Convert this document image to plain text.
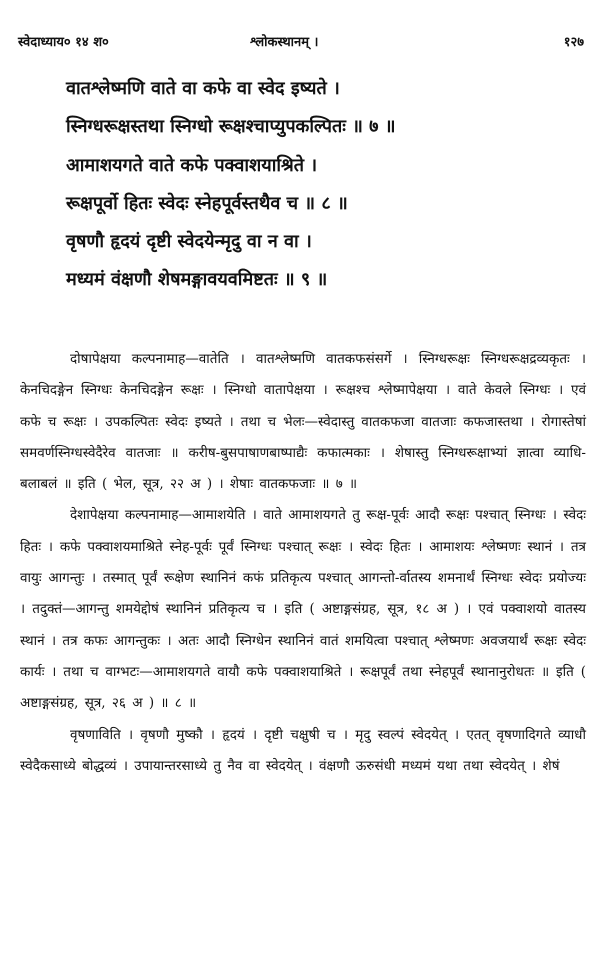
स्वेदाध्याय० १४ श०	श्लोकस्थानम् ।	१२७
वातश्लेष्मणि वाते वा कफे वा स्वेद इष्यते ।
स्निग्धरूक्षस्तथा स्निग्धो रूक्षश्चाप्युपकल्पितः ॥ ७ ॥
आमाशयगते वाते कफे पक्वाशयाश्रिते ।
रूक्षपूर्वो हितः स्वेदः स्नेहपूर्वस्तथैव च ॥ ८ ॥
वृषणौ हृदयं दृष्टी स्वेदयेन्मृदु वा न वा ।
मध्यमं वंक्षणौ शेषमङ्गावयवमिष्टतः ॥ ९ ॥

दोषापेक्षया कल्पनामाह—वातेति । वातश्लेष्मणि वातकफसंसर्गे । स्निग्धरूक्षः स्निग्धरूक्षद्रव्यकृतः । केनचिदङ्गेन स्निग्धः केनचिदङ्गेन रूक्षः । स्निग्धो वातापेक्षया । रूक्षश्च श्लेष्मापेक्षया । वाते केवले स्निग्धः । एवं कफे च रूक्षः । उपकल्पितः स्वेदः इष्यते । तथा च भेलः—स्वेदास्तु वातकफजा वातजाः कफजास्तथा । रोगास्तेषां समवर्णस्निग्धस्वेदैरेव वातजाः ॥ करीष-बुसपाषाणबाष्पाद्यैः कफात्मकाः । शेषास्तु स्निग्धरूक्षाभ्यां ज्ञात्वा व्याधि-बलाबलं ॥ इति ( भेल, सूत्र, २२ अ ) । शेषाः वातकफजाः ॥ ७ ॥

देशापेक्षया कल्पनामाह—आमाशयेति । वाते आमाशयगते तु रूक्ष-पूर्वः आदौ रूक्षः पश्चात् स्निग्धः । स्वेदः हितः । कफे पक्वाशयमाश्रिते स्नेह-पूर्वः पूर्वं स्निग्धः पश्चात् रूक्षः । स्वेदः हितः । आमाशयः श्लेष्मणः स्थानं । तत्र वायुः आगन्तुः । तस्मात् पूर्वं रूक्षेण स्थानिनं कफं प्रतिकृत्य पश्चात् आगन्तो-र्वातस्य शमनार्थं स्निग्धः स्वेदः प्रयोज्यः । तदुक्तं—आगन्तु शमयेद्दोषं स्थानिनं प्रतिकृत्य च । इति ( अष्टाङ्गसंग्रह, सूत्र, १८ अ ) । एवं पक्वाशयो वातस्य स्थानं । तत्र कफः आगन्तुकः । अतः आदौ स्निग्धेन स्थानिनं वातं शमयित्वा पश्चात् श्लेष्मणः अवजयार्थं रूक्षः स्वेदः कार्यः । तथा च वाग्भटः—आमाशयगते वायौ कफे पक्वाशयाश्रिते । रूक्षपूर्वं तथा स्नेहपूर्वं स्थानानुरोधतः ॥ इति ( अष्टाङ्गसंग्रह, सूत्र, २६ अ ) ॥ ८ ॥

वृषणाविति । वृषणौ मुष्कौ । हृदयं । दृष्टी चक्षुषी च । मृदु स्वल्पं स्वेदयेत् । एतत् वृषणादिगते व्याधौ स्वेदैकसाध्ये बोद्धव्यं । उपायान्तरसाध्ये तु नैव वा स्वेदयेत् । वंक्षणौ ऊरुसंधी मध्यमं यथा तथा स्वेदयेत् । शेषं
